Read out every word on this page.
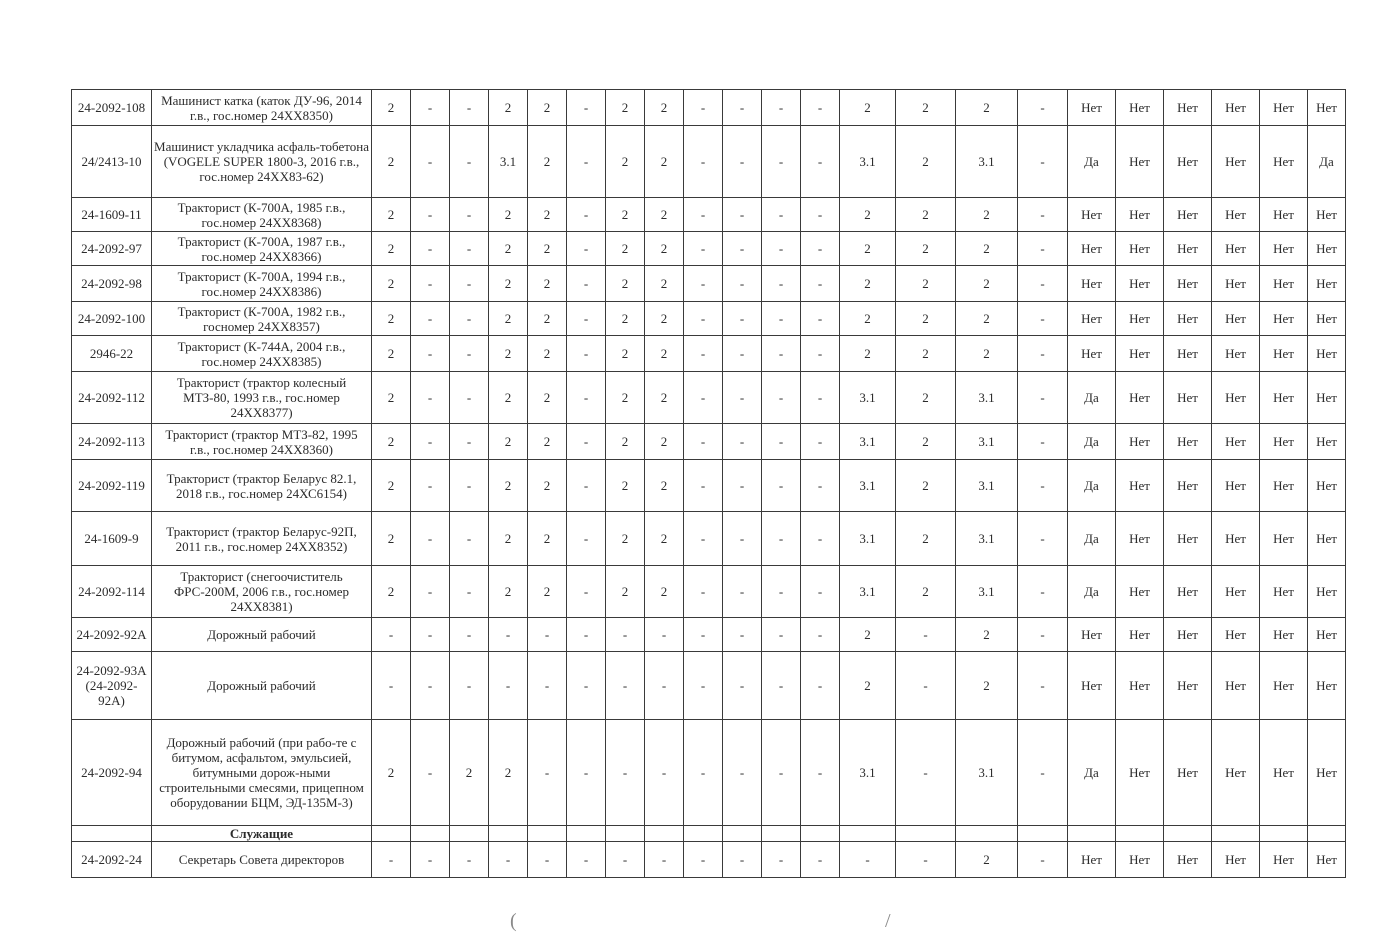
24-2092-108	Машинист катка (каток ДУ-96, 2014 г.в., гос.номер 24ХХ8350)	2	-	-	2	2	-	2	2	-	-	-	-	2	2	2	-	Нет	Нет	Нет	Нет	Нет	Нет
24/2413-10	Машинист укладчика асфаль-тобетона (VOGELE SUPER 1800-3, 2016 г.в., гос.номер 24ХХ83-62)	2	-	-	3.1	2	-	2	2	-	-	-	-	3.1	2	3.1	-	Да	Нет	Нет	Нет	Нет	Да
24-1609-11	Тракторист (К-700А, 1985 г.в., гос.номер 24ХХ8368)	2	-	-	2	2	-	2	2	-	-	-	-	2	2	2	-	Нет	Нет	Нет	Нет	Нет	Нет
24-2092-97	Тракторист (К-700А, 1987 г.в., гос.номер 24ХХ8366)	2	-	-	2	2	-	2	2	-	-	-	-	2	2	2	-	Нет	Нет	Нет	Нет	Нет	Нет
24-2092-98	Тракторист (К-700А, 1994 г.в., гос.номер 24ХХ8386)	2	-	-	2	2	-	2	2	-	-	-	-	2	2	2	-	Нет	Нет	Нет	Нет	Нет	Нет
24-2092-100	Тракторист (К-700А, 1982 г.в., госномер 24ХХ8357)	2	-	-	2	2	-	2	2	-	-	-	-	2	2	2	-	Нет	Нет	Нет	Нет	Нет	Нет
2946-22	Тракторист (К-744А, 2004 г.в., гос.номер 24ХХ8385)	2	-	-	2	2	-	2	2	-	-	-	-	2	2	2	-	Нет	Нет	Нет	Нет	Нет	Нет
24-2092-112	Тракторист (трактор колесный МТЗ-80, 1993 г.в., гос.номер 24ХХ8377)	2	-	-	2	2	-	2	2	-	-	-	-	3.1	2	3.1	-	Да	Нет	Нет	Нет	Нет	Нет
24-2092-113	Тракторист (трактор МТЗ-82, 1995 г.в., гос.номер 24ХХ8360)	2	-	-	2	2	-	2	2	-	-	-	-	3.1	2	3.1	-	Да	Нет	Нет	Нет	Нет	Нет
24-2092-119	Тракторист (трактор Беларус 82.1, 2018 г.в., гос.номер 24ХС6154)	2	-	-	2	2	-	2	2	-	-	-	-	3.1	2	3.1	-	Да	Нет	Нет	Нет	Нет	Нет
24-1609-9	Тракторист (трактор Беларус-92П, 2011 г.в., гос.номер 24ХХ8352)	2	-	-	2	2	-	2	2	-	-	-	-	3.1	2	3.1	-	Да	Нет	Нет	Нет	Нет	Нет
24-2092-114	Тракторист (снегоочиститель ФРС-200М, 2006 г.в., гос.номер 24ХХ8381)	2	-	-	2	2	-	2	2	-	-	-	-	3.1	2	3.1	-	Да	Нет	Нет	Нет	Нет	Нет
24-2092-92А	Дорожный рабочий	-	-	-	-	-	-	-	-	-	-	-	-	2	-	2	-	Нет	Нет	Нет	Нет	Нет	Нет
24-2092-93А (24-2092-92А)	Дорожный рабочий	-	-	-	-	-	-	-	-	-	-	-	-	2	-	2	-	Нет	Нет	Нет	Нет	Нет	Нет
24-2092-94	Дорожный рабочий (при рабо-те с битумом, асфальтом, эмульсией, битумными дорож-ными строительными смесями, прицепном оборудовании БЦМ, ЭД-135М-3)	2	-	2	2	-	-	-	-	-	-	-	-	3.1	-	3.1	-	Да	Нет	Нет	Нет	Нет	Нет
	Служащие																						
24-2092-24	Секретарь Совета директоров	-	-	-	-	-	-	-	-	-	-	-	-	-	-	2	-	Нет	Нет	Нет	Нет	Нет	Нет
(	/
